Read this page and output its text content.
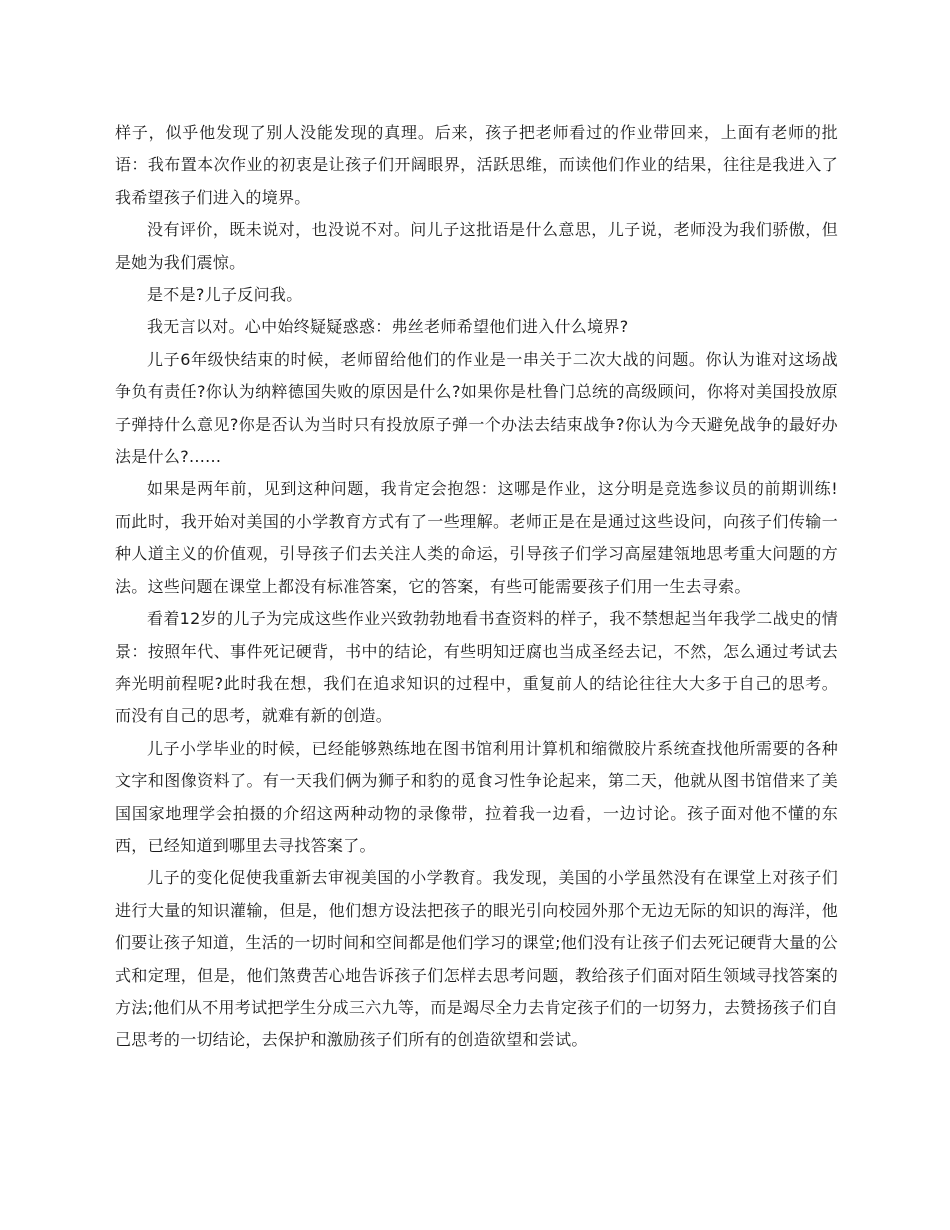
样子，似乎他发现了别人没能发现的真理。后来，孩子把老师看过的作业带回来，上面有老师的批语：我布置本次作业的初衷是让孩子们开阔眼界，活跃思维，而读他们作业的结果，往往是我进入了我希望孩子们进入的境界。

没有评价，既未说对，也没说不对。问儿子这批语是什么意思，儿子说，老师没为我们骄傲，但是她为我们震惊。

是不是?儿子反问我。

我无言以对。心中始终疑疑惑惑：弗丝老师希望他们进入什么境界?

儿子6年级快结束的时候，老师留给他们的作业是一串关于二次大战的问题。你认为谁对这场战争负有责任?你认为纳粹德国失败的原因是什么?如果你是杜鲁门总统的高级顾问，你将对美国投放原子弹持什么意见?你是否认为当时只有投放原子弹一个办法去结束战争?你认为今天避免战争的最好办法是什么?......

如果是两年前，见到这种问题，我肯定会抱怨：这哪是作业，这分明是竞选参议员的前期训练!而此时，我开始对美国的小学教育方式有了一些理解。老师正是在是通过这些设问，向孩子们传输一种人道主义的价值观，引导孩子们去关注人类的命运，引导孩子们学习高屋建瓴地思考重大问题的方法。这些问题在课堂上都没有标准答案，它的答案，有些可能需要孩子们用一生去寻索。

看着12岁的儿子为完成这些作业兴致勃勃地看书查资料的样子，我不禁想起当年我学二战史的情景：按照年代、事件死记硬背，书中的结论，有些明知迂腐也当成圣经去记，不然，怎么通过考试去奔光明前程呢?此时我在想，我们在追求知识的过程中，重复前人的结论往往大大多于自己的思考。而没有自己的思考，就难有新的创造。

儿子小学毕业的时候，已经能够熟练地在图书馆利用计算机和缩微胶片系统查找他所需要的各种文字和图像资料了。有一天我们俩为狮子和豹的觅食习性争论起来，第二天，他就从图书馆借来了美国国家地理学会拍摄的介绍这两种动物的录像带，拉着我一边看，一边讨论。孩子面对他不懂的东西，已经知道到哪里去寻找答案了。

儿子的变化促使我重新去审视美国的小学教育。我发现，美国的小学虽然没有在课堂上对孩子们进行大量的知识灌输，但是，他们想方设法把孩子的眼光引向校园外那个无边无际的知识的海洋，他们要让孩子知道，生活的一切时间和空间都是他们学习的课堂;他们没有让孩子们去死记硬背大量的公式和定理，但是，他们煞费苦心地告诉孩子们怎样去思考问题，教给孩子们面对陌生领域寻找答案的方法;他们从不用考试把学生分成三六九等，而是竭尽全力去肯定孩子们的一切努力，去赞扬孩子们自己思考的一切结论，去保护和激励孩子们所有的创造欲望和尝试。
